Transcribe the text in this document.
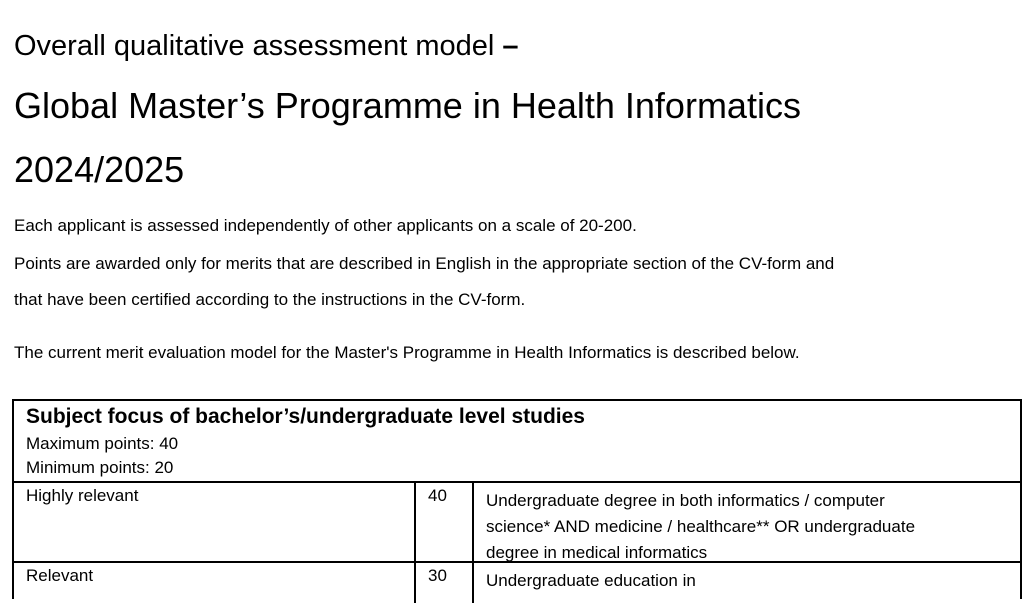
Overall qualitative assessment model –
Global Master’s Programme in Health Informatics
2024/2025
Each applicant is assessed independently of other applicants on a scale of 20-200.
Points are awarded only for merits that are described in English in the appropriate section of the CV-form and
that have been certified according to the instructions in the CV-form.
The current merit evaluation model for the Master's Programme in Health Informatics is described below.
Subject focus of bachelor’s/undergraduate level studies
Maximum points: 40
Minimum points: 20
Highly relevant	40 Undergraduate degree in both informatics / computer
science* AND medicine / healthcare** OR undergraduate
degree in medical informatics
Relevant	30 Undergraduate education in
